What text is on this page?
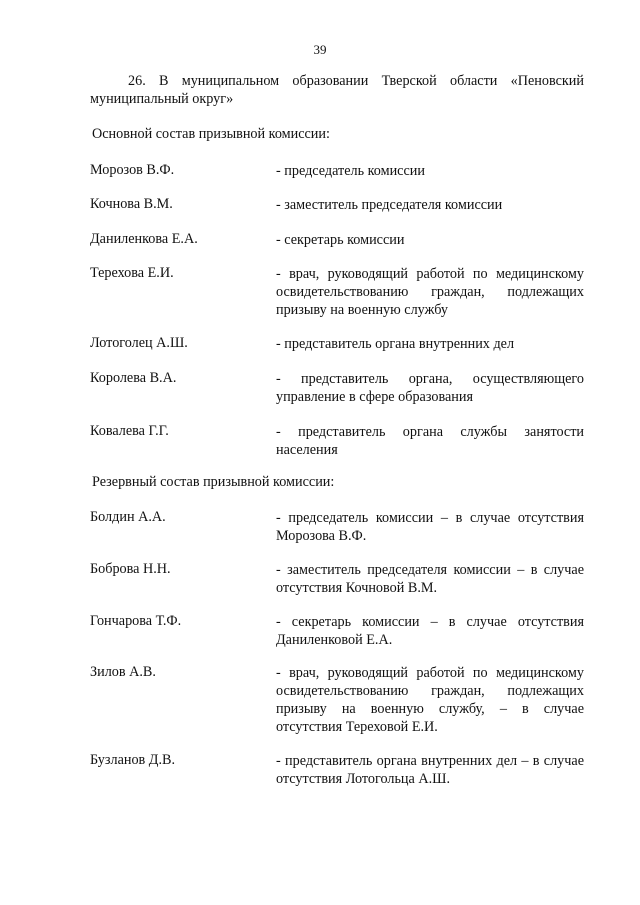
39

26. В муниципальном образовании Тверской области «Пеновский муниципальный округ»

Основной состав призывной комиссии:
Морозов В.Ф.	- председатель комиссии
Кочнова В.М.	- заместитель председателя комиссии
Даниленкова Е.А.	- секретарь комиссии
Терехова Е.И.	- врач, руководящий работой по медицинскому освидетельствованию граждан, подлежащих призыву на военную службу
Лотоголец А.Ш.	- представитель органа внутренних дел
Королева В.А.	- представитель органа, осуществляющего управление в сфере образования
Ковалева Г.Г.	- представитель органа службы занятости населения
Резервный состав призывной комиссии:
Болдин А.А.	- председатель комиссии – в случае отсутствия Морозова В.Ф.
Боброва Н.Н.	- заместитель председателя комиссии – в случае отсутствия Кочновой В.М.
Гончарова Т.Ф.	- секретарь комиссии – в случае отсутствия Даниленковой Е.А.
Зилов А.В.	- врач, руководящий работой по медицинскому освидетельствованию граждан, подлежащих призыву на военную службу, – в случае отсутствия Тереховой Е.И.
Бузланов Д.В.	- представитель органа внутренних дел – в случае отсутствия Лотогольца А.Ш.
